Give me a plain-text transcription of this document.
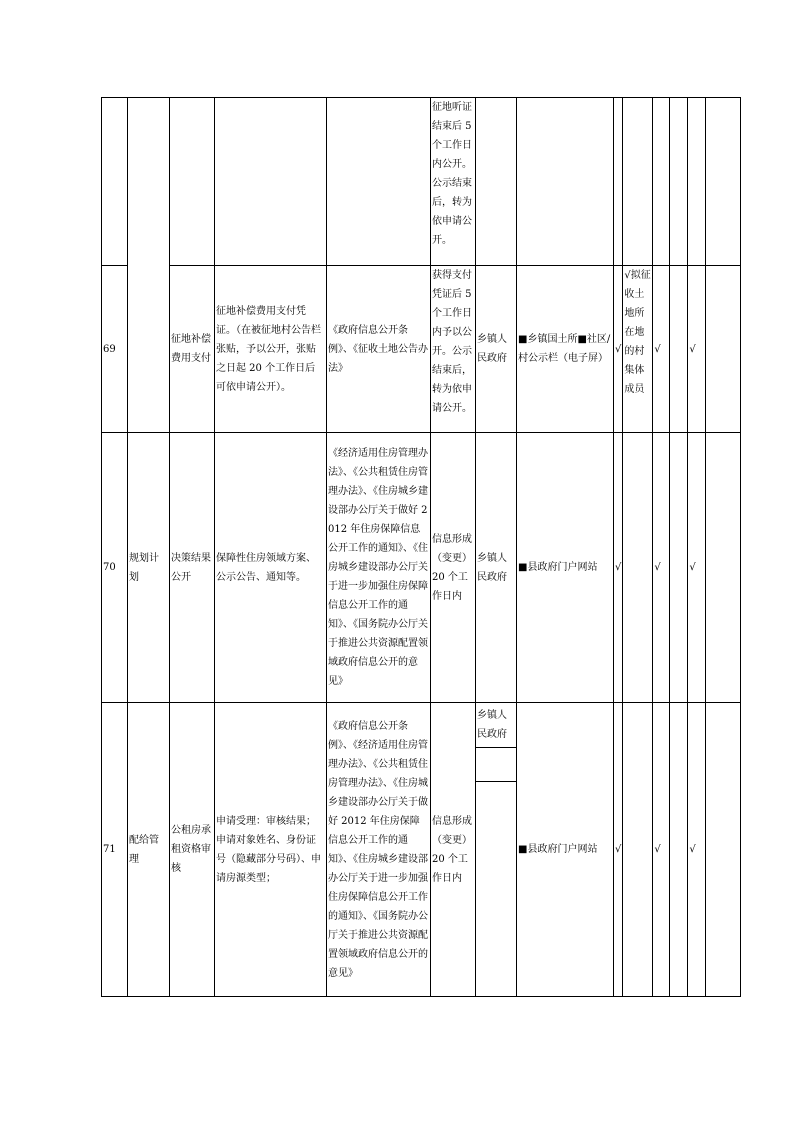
					征地听证结束后 5 个工作日内公开。公示结束后，转为依申请公开。								
69		征地补偿费用支付	征地补偿费用支付凭证。（在被征地村公告栏张贴，予以公开，张贴之日起 20 个工作日后可依申请公开）。	《政府信息公开条例》、《征收土地公告办法》	获得支付凭证后 5 个工作日内予以公开。公示结束后，转为依申请公开。	乡镇人民政府	■乡镇国土所■社区/村公示栏（电子屏）	√	√拟征收土地所在地的村集体成员	√		√	
70	规划计划	决策结果公开	保障性住房领域方案、公示公告、通知等。	《经济适用住房管理办法》、《公共租赁住房管理办法》、《住房城乡建设部办公厅关于做好 2012 年住房保障信息公开工作的通知》、《住房城乡建设部办公厅关于进一步加强住房保障信息公开工作的通知》、《国务院办公厅关于推进公共资源配置领域政府信息公开的意见》	信息形成（变更）20 个工作日内	乡镇人民政府	■县政府门户网站	√		√		√	
71	配给管理	公租房承租资格审核	申请受理：审核结果；申请对象姓名、身份证号（隐藏部分号码）、申请房源类型；	《政府信息公开条例》、《经济适用住房管理办法》、《公共租赁住房管理办法》、《住房城乡建设部办公厅关于做好 2012 年住房保障信息公开工作的通知》、《住房城乡建设部办公厅关于进一步加强住房保障信息公开工作的通知》、《国务院办公厅关于推进公共资源配置领域政府信息公开的意见》	信息形成（变更）20 个工作日内	乡镇人民政府	■县政府门户网站	√		√		√	
